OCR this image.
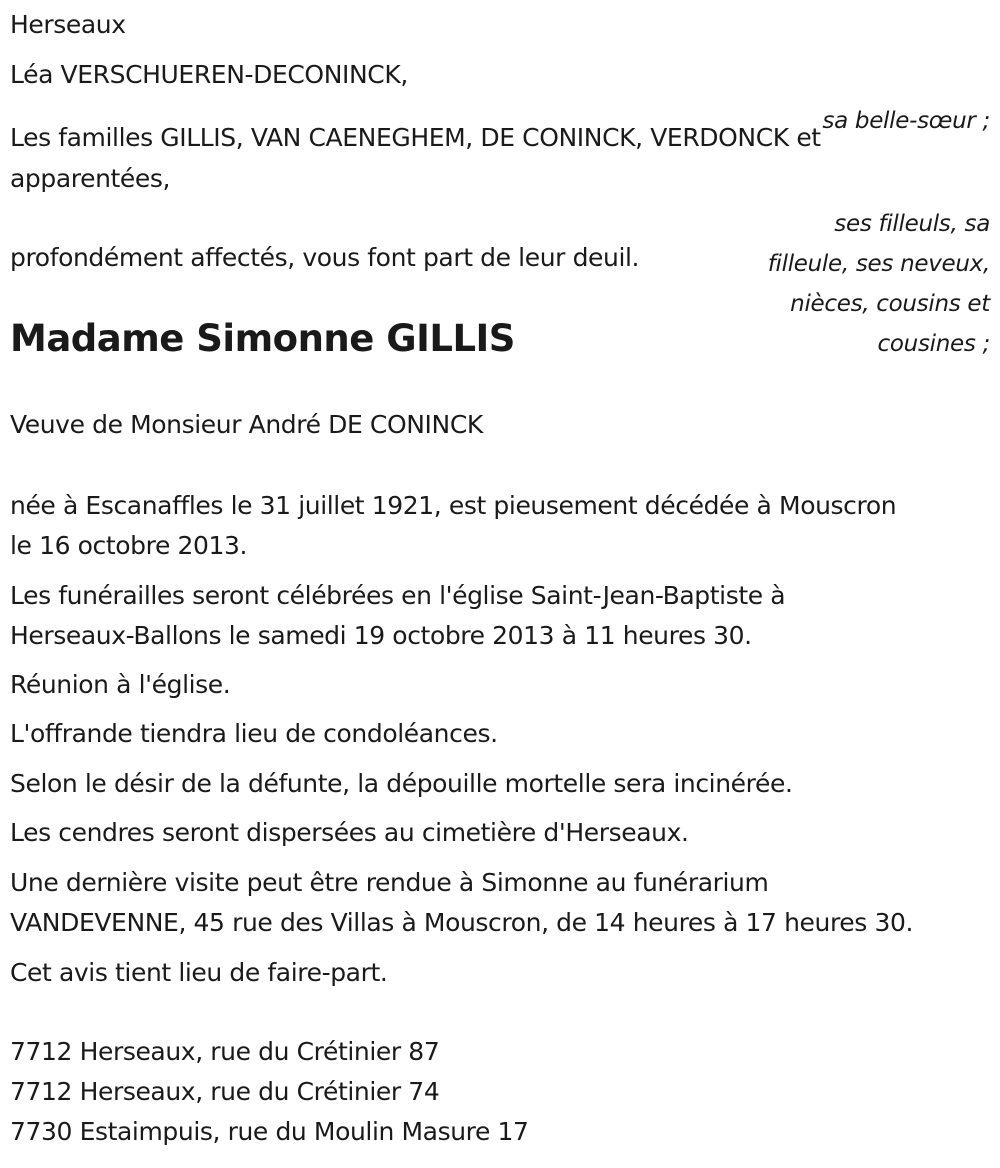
Herseaux

Léa VERSCHUEREN-DECONINCK,

sa belle-sœur ;

Les familles GILLIS, VAN CAENEGHEM, DE CONINCK, VERDONCK et

apparentées,

ses filleuls, sa

filleule, ses neveux,

nièces, cousins et

cousines ;

profondément affectés, vous font part de leur deuil.

Madame Simonne GILLIS

Veuve de Monsieur André DE CONINCK

née à Escanaffles le 31 juillet 1921, est pieusement décédée à Mouscron

le 16 octobre 2013.

Les funérailles seront célébrées en l'église Saint-Jean-Baptiste à

Herseaux-Ballons le samedi 19 octobre 2013 à 11 heures 30.

Réunion à l'église.

L'offrande tiendra lieu de condoléances.

Selon le désir de la défunte, la dépouille mortelle sera incinérée.

Les cendres seront dispersées au cimetière d'Herseaux.

Une dernière visite peut être rendue à Simonne au funérarium

VANDEVENNE, 45 rue des Villas à Mouscron, de 14 heures à 17 heures 30.

Cet avis tient lieu de faire-part.

7712 Herseaux, rue du Crétinier 87

7712 Herseaux, rue du Crétinier 74

7730 Estaimpuis, rue du Moulin Masure 17
